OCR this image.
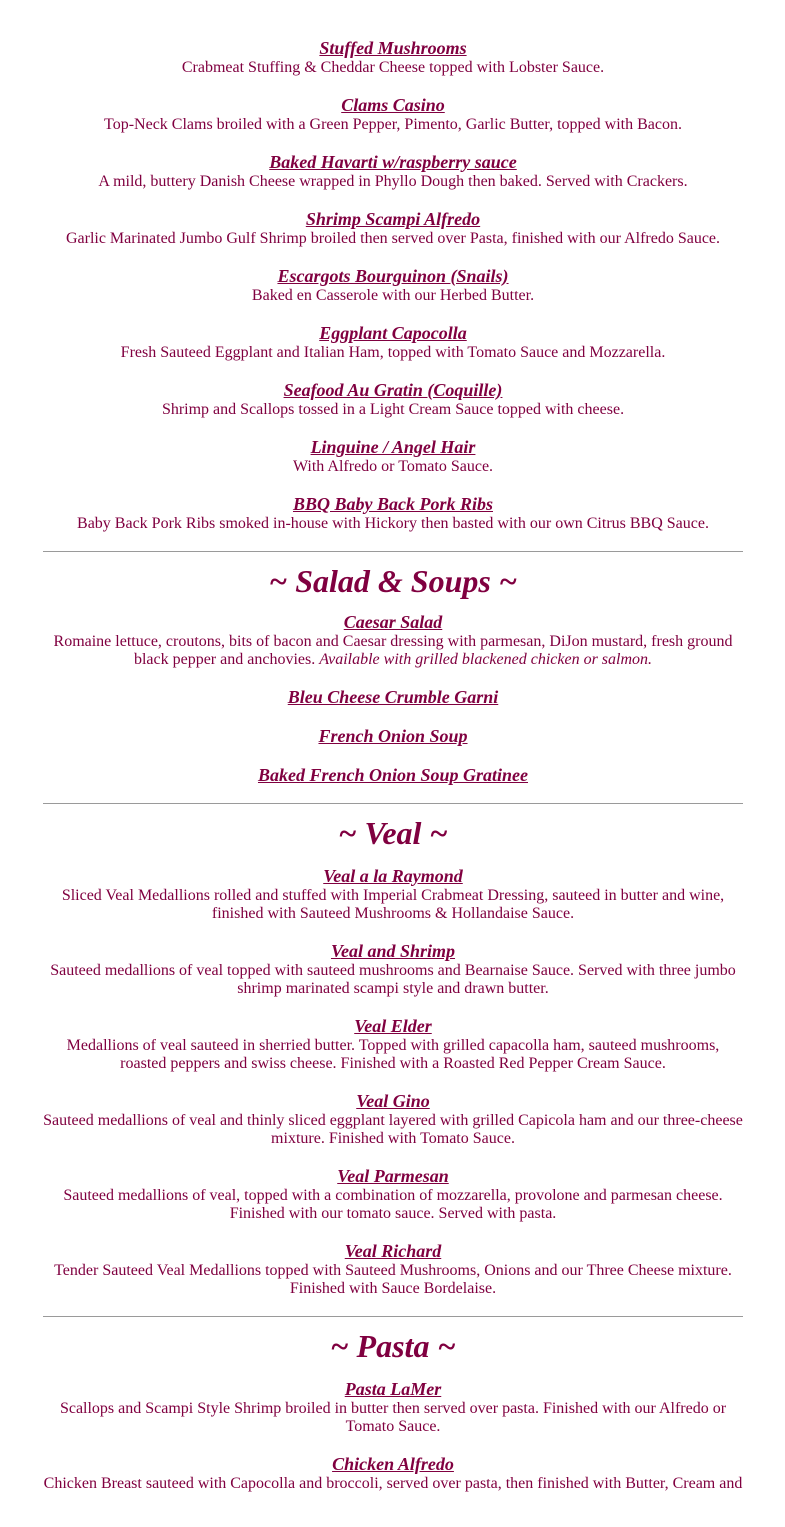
Stuffed Mushrooms
Crabmeat Stuffing & Cheddar Cheese topped with Lobster Sauce.
Clams Casino
Top-Neck Clams broiled with a Green Pepper, Pimento, Garlic Butter, topped with Bacon.
Baked Havarti w/raspberry sauce
A mild, buttery Danish Cheese wrapped in Phyllo Dough then baked. Served with Crackers.
Shrimp Scampi Alfredo
Garlic Marinated Jumbo Gulf Shrimp broiled then served over Pasta, finished with our Alfredo Sauce.
Escargots Bourguinon (Snails)
Baked en Casserole with our Herbed Butter.
Eggplant Capocolla
Fresh Sauteed Eggplant and Italian Ham, topped with Tomato Sauce and Mozzarella.
Seafood Au Gratin (Coquille)
Shrimp and Scallops tossed in a Light Cream Sauce topped with cheese.
Linguine / Angel Hair
With Alfredo or Tomato Sauce.
BBQ Baby Back Pork Ribs
Baby Back Pork Ribs smoked in-house with Hickory then basted with our own Citrus BBQ Sauce.
~ Salad & Soups ~
Caesar Salad
Romaine lettuce, croutons, bits of bacon and Caesar dressing with parmesan, DiJon mustard, fresh ground black pepper and anchovies. Available with grilled blackened chicken or salmon.
Bleu Cheese Crumble Garni
French Onion Soup
Baked French Onion Soup Gratinee
~ Veal ~
Veal a la Raymond
Sliced Veal Medallions rolled and stuffed with Imperial Crabmeat Dressing, sauteed in butter and wine, finished with Sauteed Mushrooms & Hollandaise Sauce.
Veal and Shrimp
Sauteed medallions of veal topped with sauteed mushrooms and Bearnaise Sauce. Served with three jumbo shrimp marinated scampi style and drawn butter.
Veal Elder
Medallions of veal sauteed in sherried butter. Topped with grilled capacolla ham, sauteed mushrooms, roasted peppers and swiss cheese. Finished with a Roasted Red Pepper Cream Sauce.
Veal Gino
Sauteed medallions of veal and thinly sliced eggplant layered with grilled Capicola ham and our three-cheese mixture. Finished with Tomato Sauce.
Veal Parmesan
Sauteed medallions of veal, topped with a combination of mozzarella, provolone and parmesan cheese. Finished with our tomato sauce. Served with pasta.
Veal Richard
Tender Sauteed Veal Medallions topped with Sauteed Mushrooms, Onions and our Three Cheese mixture. Finished with Sauce Bordelaise.
~ Pasta ~
Pasta LaMer
Scallops and Scampi Style Shrimp broiled in butter then served over pasta. Finished with our Alfredo or Tomato Sauce.
Chicken Alfredo
Chicken Breast sauteed with Capocolla and broccoli, served over pasta, then finished with Butter, Cream and
